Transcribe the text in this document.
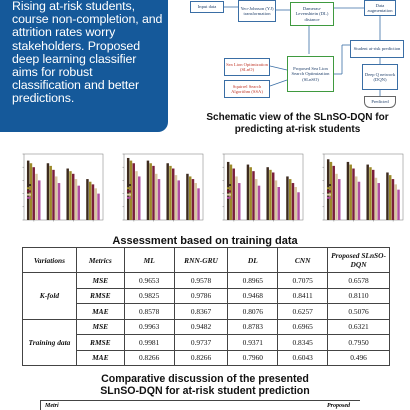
Rising at-risk students, course non-completion, and attrition rates worry stakeholders. Proposed deep learning classifier aims for robust classification and better predictions.
Input data	Yeo-Johnson (YJ) transformation
Damerau-
Levenshtein (DL)
distance
Data augmentation
Student at-risk prediction
Sea Lion Optimization (SLnO)
Squirrel Search Algorithm (SSA)
Proposed Sea Lion Search Optimization (SLnSO)
Deep Q network (DQN)
Predicted
Schematic view of the SLnSO-DQN for predicting at-risk students
Assessment based on training data
Variations	Metrics	ML	RNN-GRU	DL	CNN	Proposed SLnSO-DQN
K-fold	MSE	0.9653	0.9578	0.8965	0.7075	0.6578
	RMSE	0.9825	0.9786	0.9468	0.8411	0.8110
	MAE	0.8578	0.8367	0.8076	0.6257	0.5076
Training data	MSE	0.9963	0.9482	0.8783	0.6965	0.6321
	RMSE	0.9981	0.9737	0.9371	0.8345	0.7950
	MAE	0.8266	0.8266	0.7960	0.6043	0.496
Comparative discussion of the presented
SLnSO-DQN for at-risk student prediction
Metri	Proposed
